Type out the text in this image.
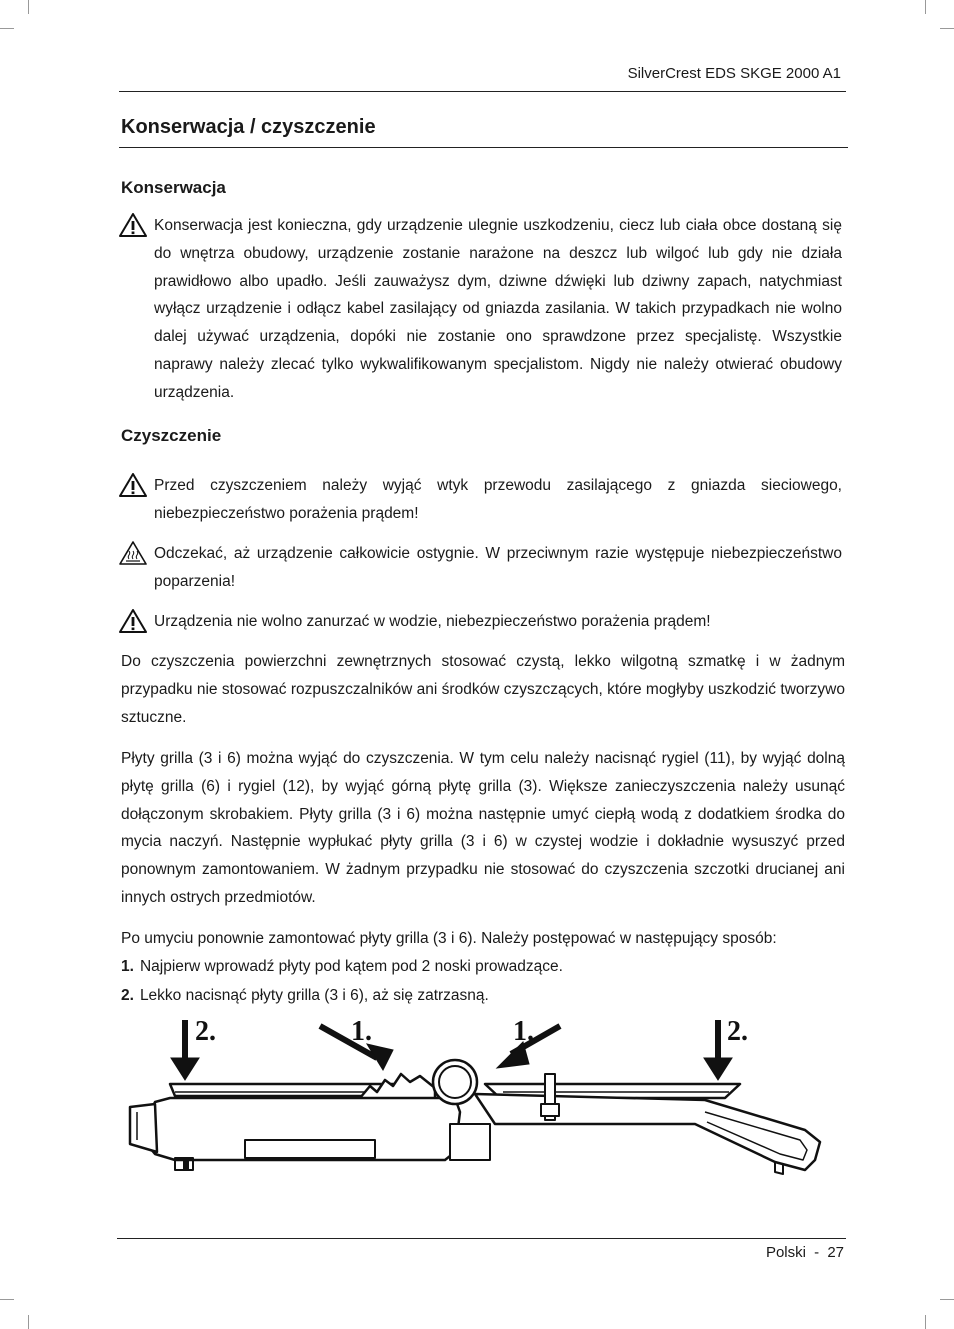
SilverCrest EDS SKGE 2000 A1
Konserwacja / czyszczenie
Konserwacja
Konserwacja jest konieczna, gdy urządzenie ulegnie uszkodzeniu, ciecz lub ciała obce dostaną się do wnętrza obudowy, urządzenie zostanie narażone na deszcz lub wilgoć lub gdy nie działa prawidłowo albo upadło. Jeśli zauważysz dym, dziwne dźwięki lub dziwny zapach, natychmiast wyłącz urządzenie i odłącz kabel zasilający od gniazda zasilania. W takich przypadkach nie wolno dalej używać urządzenia, dopóki nie zostanie ono sprawdzone przez specjalistę. Wszystkie naprawy należy zlecać tylko wykwalifikowanym specjalistom. Nigdy nie należy otwierać obudowy urządzenia.
Czyszczenie
Przed czyszczeniem należy wyjąć wtyk przewodu zasilającego z gniazda sieciowego, niebezpieczeństwo porażenia prądem!
Odczekać, aż urządzenie całkowicie ostygnie. W przeciwnym razie występuje niebezpieczeństwo poparzenia!
Urządzenia nie wolno zanurzać w wodzie, niebezpieczeństwo porażenia prądem!
Do czyszczenia powierzchni zewnętrznych stosować czystą, lekko wilgotną szmatkę i w żadnym przypadku nie stosować rozpuszczalników ani środków czyszczących, które mogłyby uszkodzić tworzywo sztuczne.
Płyty grilla (3 i 6) można wyjąć do czyszczenia. W tym celu należy nacisnąć rygiel (11), by wyjąć dolną płytę grilla (6) i rygiel (12), by wyjąć górną płytę grilla (3). Większe zanieczyszczenia należy usunąć dołączonym skrobakiem. Płyty grilla (3 i 6) można następnie umyć ciepłą wodą z dodatkiem środka do mycia naczyń. Następnie wypłukać płyty grilla (3 i 6) w czystej wodzie i dokładnie wysuszyć przed ponownym zamontowaniem. W żadnym przypadku nie stosować do czyszczenia szczotki drucianej ani innych ostrych przedmiotów.
Po umyciu ponownie zamontować płyty grilla (3 i 6). Należy postępować w następujący sposób:
1. Najpierw wprowadź płyty pod kątem pod 2 noski prowadzące.
2. Lekko nacisnąć płyty grilla (3 i 6), aż się zatrzasną.
2.	1.	1.	2.
Polski - 27
